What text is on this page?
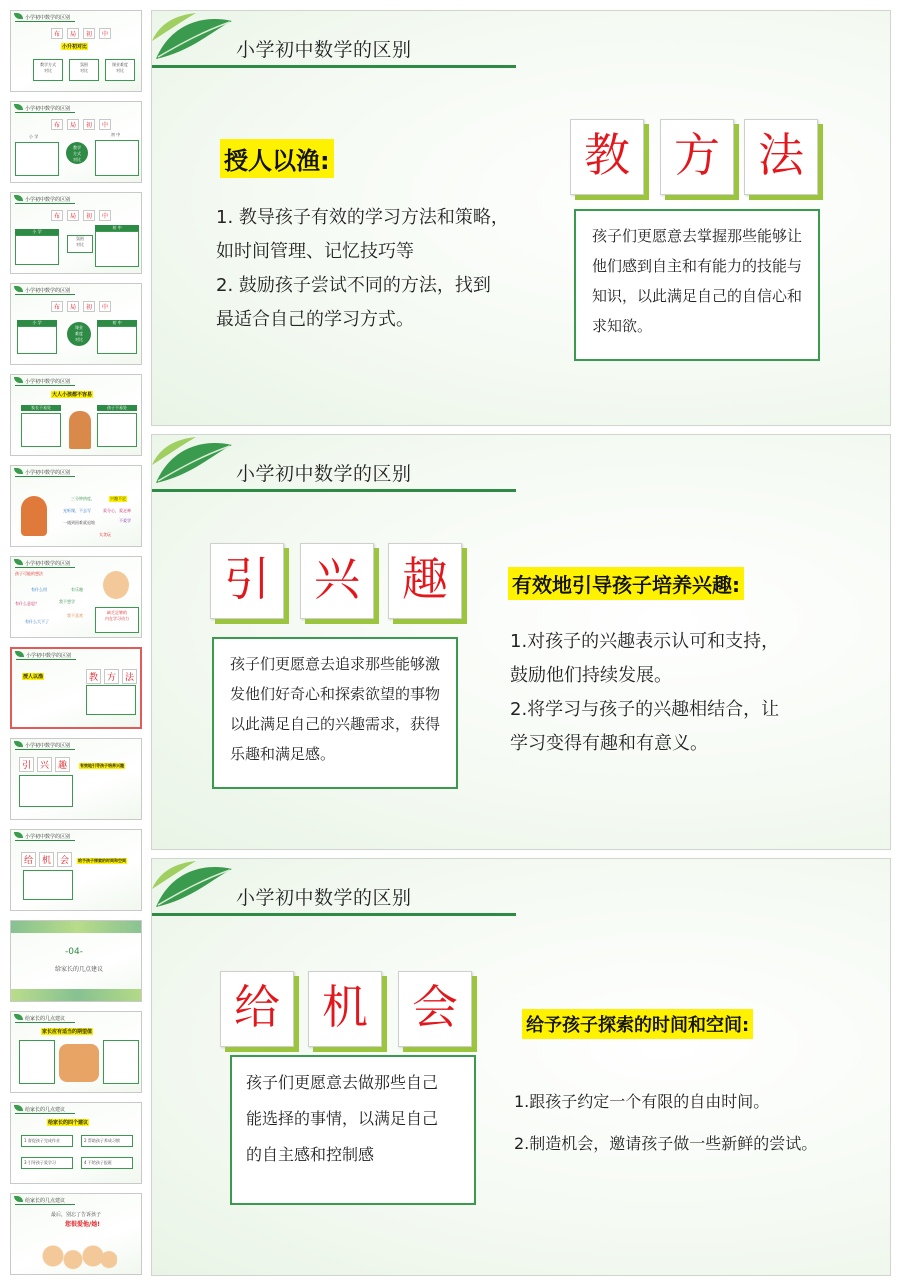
小学初中数学的区别
布	局	初	中
小升初对比
教学方式
对比
氛围
对比
课业难度
对比
小学初中数学的区别
布	局	初	中
小 学
教学
方式
对比
初 中
小学初中数学的区别
布	局	初	中
小 学
氛围
对比
初 中
小学初中数学的区别
布	局	初	中
小 学
课业
难度
对比
初 中
小学初中数学的区别
大人小孩都不容易
家长不易处	孩子不易处
小学初中数学的区别
三分钟热度，	兴趣不足
光听课，不去写	爱分心，爱走神
一遇到困难就退缩	不爱学
太贪玩
小学初中数学的区别
孩子可能的想法
有什么用	有乐趣
有什么意思？	我不想学
有什么大不了
我不喜欢
缺乏足够的
内在学习动力
小学初中数学的区别
授人以渔	教 方 法
小学初中数学的区别
引 兴 趣	有效地引导孩子培养兴趣
小学初中数学的区别
给 机 会	给予孩子探索的时间和空间
-04-
给家长的几点建议
给家长的几点建议
家长应有适当的期望值
给家长的几点建议
给家长的四个建议
1 督促孩子完成作业	2 帮助孩子养成习惯
3 引导孩子爱学习	4 不给孩子报班
给家长的几点建议
最后，别忘了告诉孩子
您很爱他/她!
小学初中数学的区别
授人以渔:
1. 教导孩子有效的学习方法和策略，
如时间管理、记忆技巧等
2. 鼓励孩子尝试不同的方法，找到
最适合自己的学习方式。
教 方 法
孩子们更愿意去掌握那些能够让
他们感到自主和有能力的技能与
知识，以此满足自己的自信心和
求知欲。
小学初中数学的区别
引 兴 趣
孩子们更愿意去追求那些能够激
发他们好奇心和探索欲望的事物
以此满足自己的兴趣需求，获得
乐趣和满足感。
有效地引导孩子培养兴趣:
1.对孩子的兴趣表示认可和支持，
鼓励他们持续发展。
2.将学习与孩子的兴趣相结合，让
学习变得有趣和有意义。
小学初中数学的区别
给 机 会
孩子们更愿意去做那些自己
能选择的事情，以满足自己
的自主感和控制感
给予孩子探索的时间和空间:
1.跟孩子约定一个有限的自由时间。
2.制造机会，邀请孩子做一些新鲜的尝试。
